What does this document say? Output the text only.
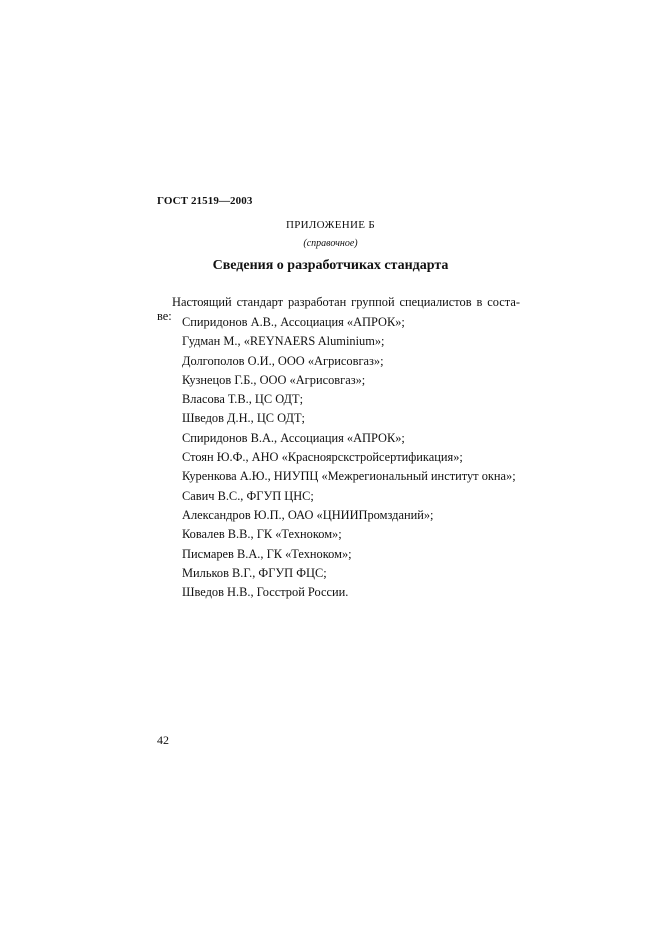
ГОСТ 21519—2003
ПРИЛОЖЕНИЕ Б
(справочное)
Сведения о разработчиках стандарта

Настоящий стандарт разработан группой специалистов в соста- ве: Спиридонов А.В., Ассоциация «АПРОК»;
Гудман М., «REYNAERS Aluminium»;
Долгополов О.И., ООО «Агрисовгаз»;
Кузнецов Г.Б., ООО «Агрисовгаз»;
Власова Т.В., ЦС ОДТ;
Шведов Д.Н., ЦС ОДТ;
Спиридонов В.А., Ассоциация «АПРОК»;
Стоян Ю.Ф., АНО «Красноярскстройсертификация»;
Куренкова А.Ю., НИУПЦ «Межрегиональный институт окна»;
Савич В.С., ФГУП ЦНС;
Александров Ю.П., ОАО «ЦНИИПромзданий»;
Ковалев В.В., ГК «Техноком»;
Писмарев В.А., ГК «Техноком»;
Мильков В.Г., ФГУП ФЦС;
Шведов Н.В., Госстрой России.
42
